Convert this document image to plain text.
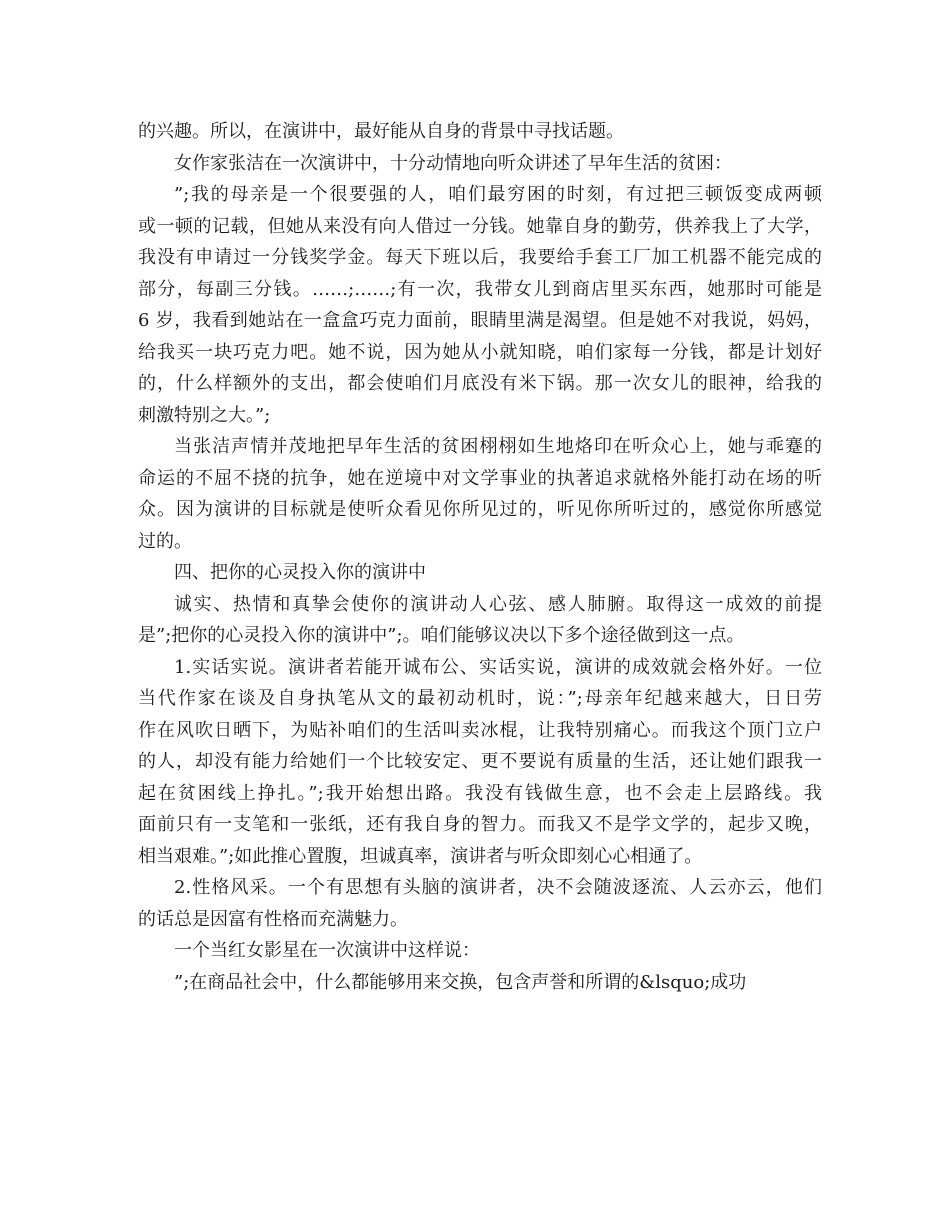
的兴趣。所以，在演讲中，最好能从自身的背景中寻找话题。
女作家张洁在一次演讲中，十分动情地向听众讲述了早年生活的贫困：
”;我的母亲是一个很要强的人，咱们最穷困的时刻，有过把三顿饭变成两顿
或一顿的记载，但她从来没有向人借过一分钱。她靠自身的勤劳，供养我上了大学，
我没有申请过一分钱奖学金。每天下班以后，我要给手套工厂加工机器不能完成的
部分，每副三分钱。……;……;有一次，我带女儿到商店里买东西，她那时可能是
6 岁，我看到她站在一盒盒巧克力面前，眼睛里满是渴望。但是她不对我说，妈妈，
给我买一块巧克力吧。她不说，因为她从小就知晓，咱们家每一分钱，都是计划好
的，什么样额外的支出，都会使咱们月底没有米下锅。那一次女儿的眼神，给我的
刺激特别之大。”;
当张洁声情并茂地把早年生活的贫困栩栩如生地烙印在听众心上，她与乖蹇的
命运的不屈不挠的抗争，她在逆境中对文学事业的执著追求就格外能打动在场的听
众。因为演讲的目标就是使听众看见你所见过的，听见你所听过的，感觉你所感觉
过的。
四、把你的心灵投入你的演讲中
诚实、热情和真挚会使你的演讲动人心弦、感人肺腑。取得这一成效的前提
是”;把你的心灵投入你的演讲中”;。咱们能够议决以下多个途径做到这一点。
1.实话实说。演讲者若能开诚布公、实话实说，演讲的成效就会格外好。一位
当代作家在谈及自身执笔从文的最初动机时，说：”;母亲年纪越来越大，日日劳
作在风吹日晒下，为贴补咱们的生活叫卖冰棍，让我特别痛心。而我这个顶门立户
的人，却没有能力给她们一个比较安定、更不要说有质量的生活，还让她们跟我一
起在贫困线上挣扎。”;我开始想出路。我没有钱做生意，也不会走上层路线。我
面前只有一支笔和一张纸，还有我自身的智力。而我又不是学文学的，起步又晚，
相当艰难。”;如此推心置腹，坦诚真率，演讲者与听众即刻心心相通了。
2.性格风采。一个有思想有头脑的演讲者，决不会随波逐流、人云亦云，他们
的话总是因富有性格而充满魅力。
一个当红女影星在一次演讲中这样说：
”;在商品社会中，什么都能够用来交换，包含声誉和所谓的&lsquo;成功
